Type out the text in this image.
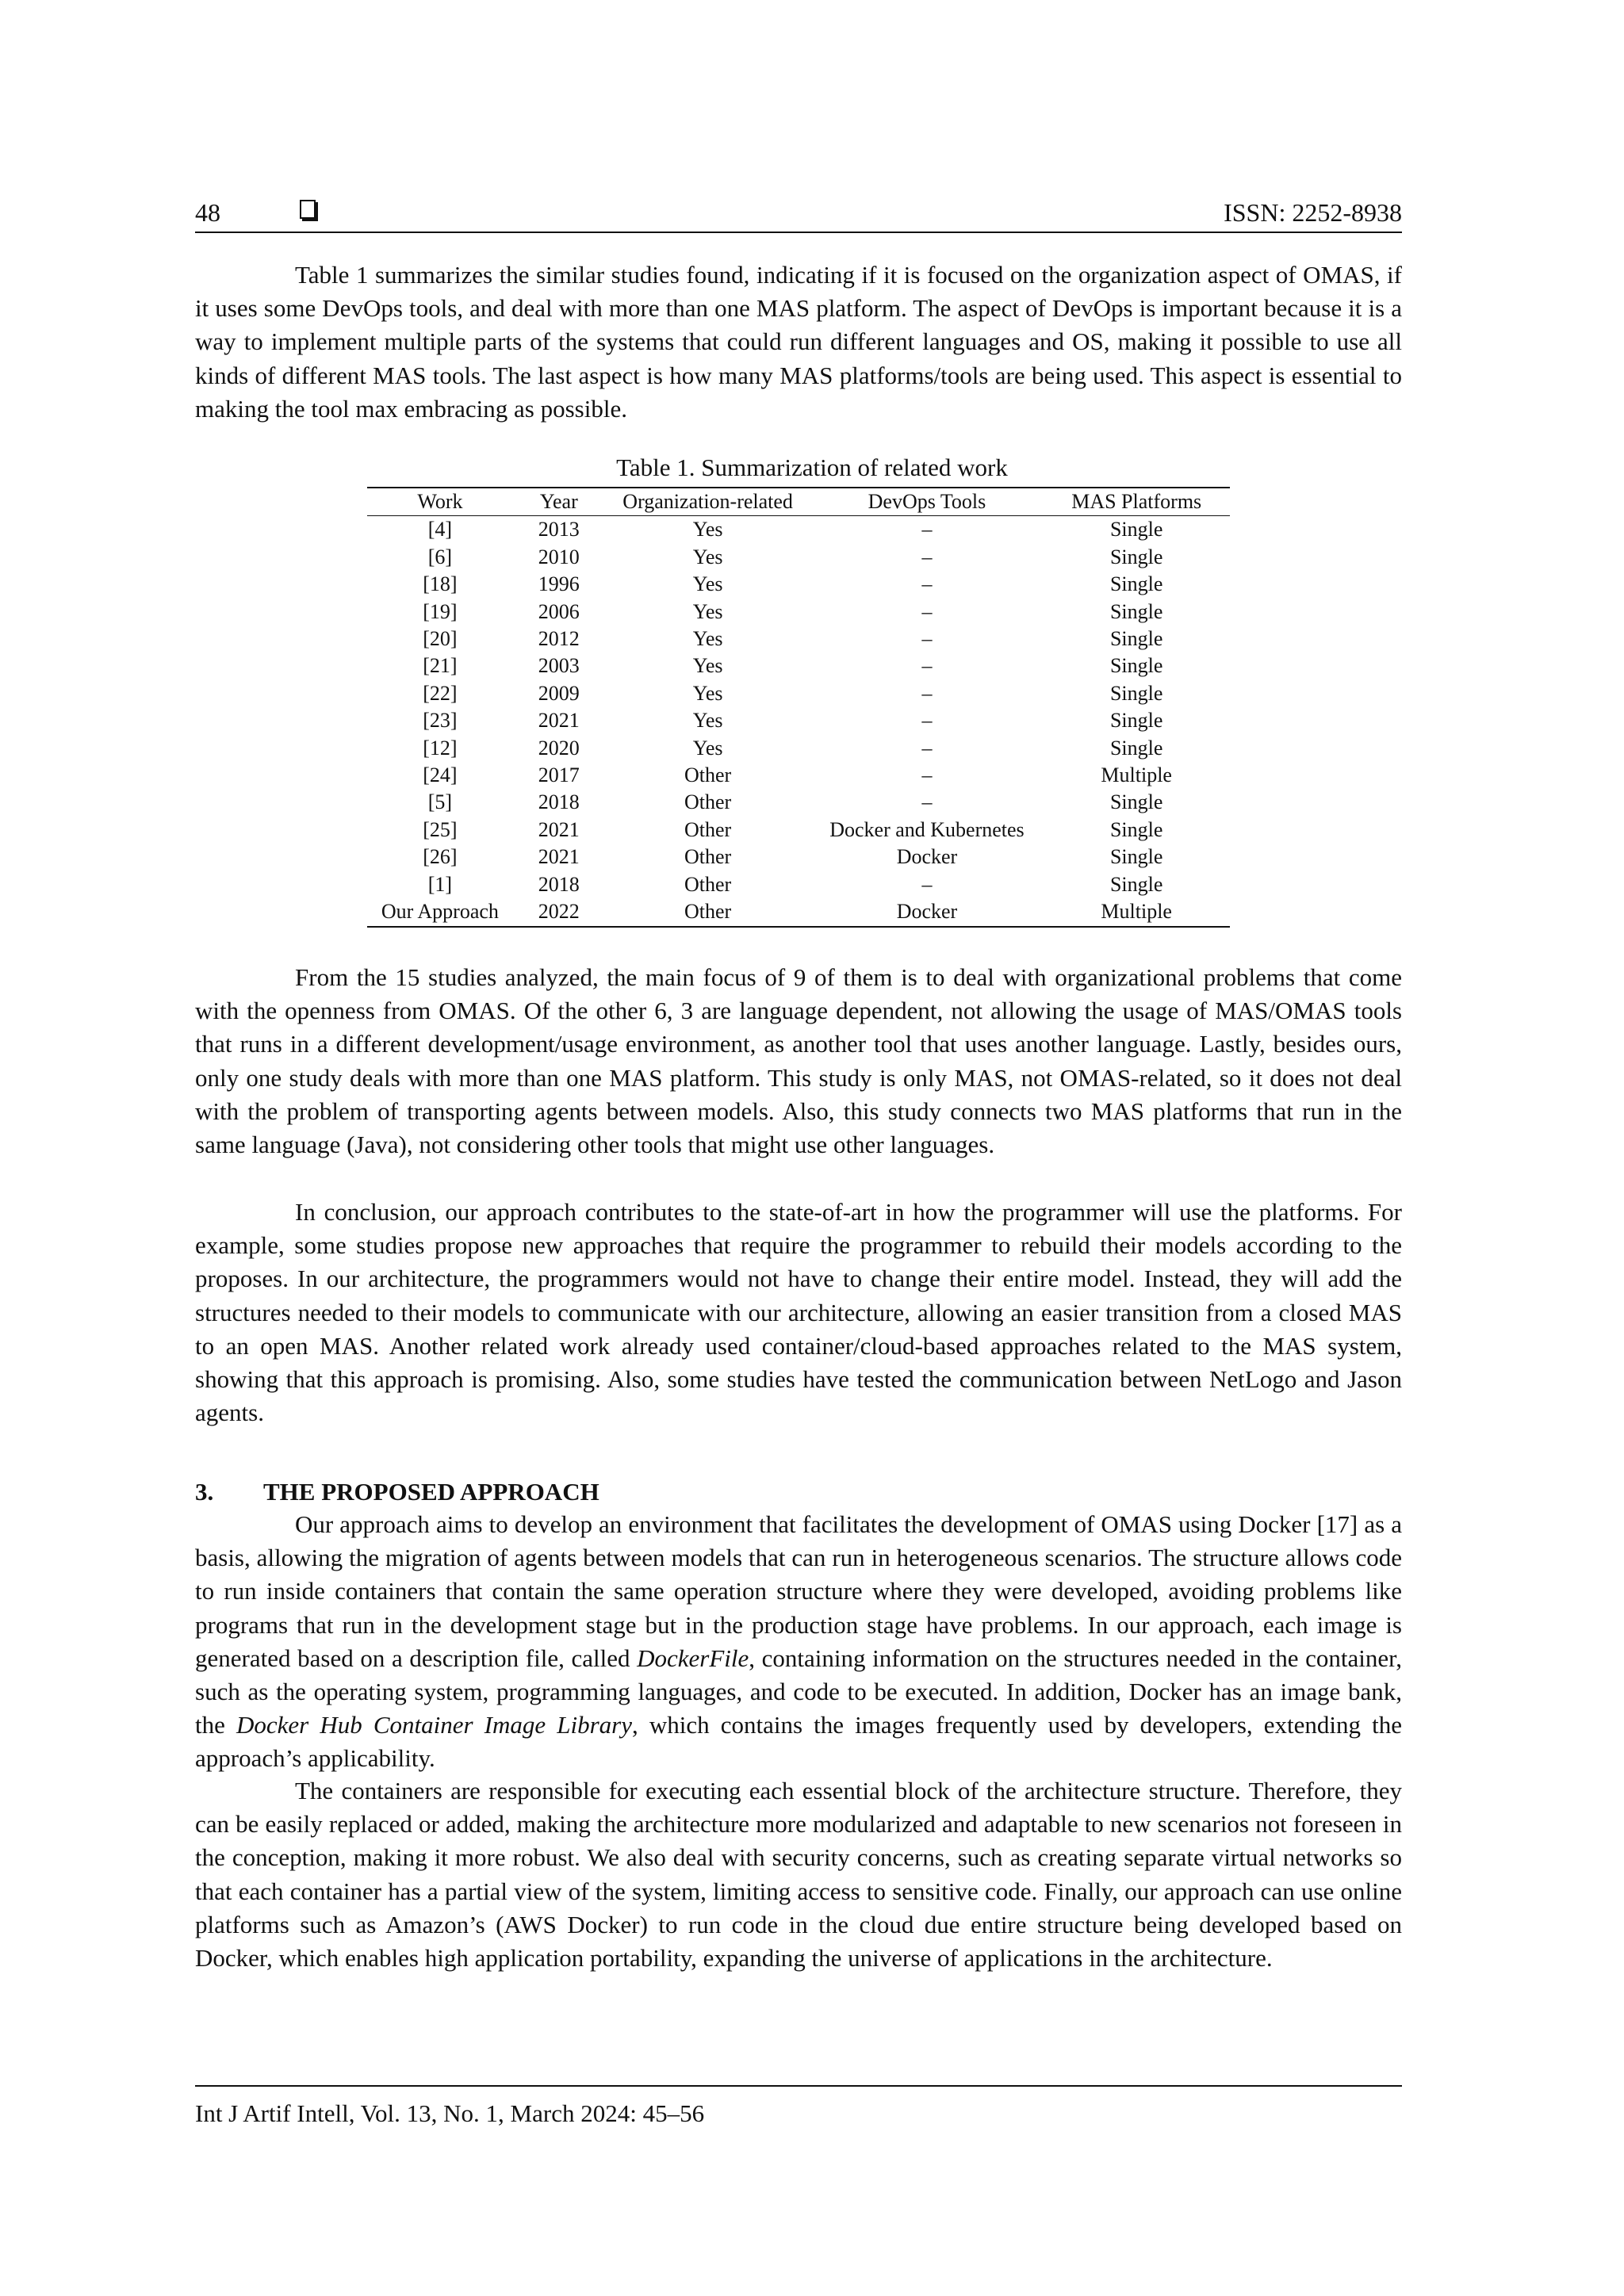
48	ISSN: 2252-8938

Table 1 summarizes the similar studies found, indicating if it is focused on the organization aspect of OMAS, if it uses some DevOps tools, and deal with more than one MAS platform. The aspect of DevOps is important because it is a way to implement multiple parts of the systems that could run different languages and OS, making it possible to use all kinds of different MAS tools. The last aspect is how many MAS platforms/tools are being used. This aspect is essential to making the tool max embracing as possible.

Table 1. Summarization of related work
Work	Year	Organization-related	DevOps Tools	MAS Platforms
[4]	2013	Yes	–	Single
[6]	2010	Yes	–	Single
[18]	1996	Yes	–	Single
[19]	2006	Yes	–	Single
[20]	2012	Yes	–	Single
[21]	2003	Yes	–	Single
[22]	2009	Yes	–	Single
[23]	2021	Yes	–	Single
[12]	2020	Yes	–	Single
[24]	2017	Other	–	Multiple
[5]	2018	Other	–	Single
[25]	2021	Other	Docker and Kubernetes	Single
[26]	2021	Other	Docker	Single
[1]	2018	Other	–	Single
Our Approach	2022	Other	Docker	Multiple

From the 15 studies analyzed, the main focus of 9 of them is to deal with organizational problems that come with the openness from OMAS. Of the other 6, 3 are language dependent, not allowing the usage of MAS/OMAS tools that runs in a different development/usage environment, as another tool that uses another language. Lastly, besides ours, only one study deals with more than one MAS platform. This study is only MAS, not OMAS-related, so it does not deal with the problem of transporting agents between models. Also, this study connects two MAS platforms that run in the same language (Java), not considering other tools that might use other languages.

In conclusion, our approach contributes to the state-of-art in how the programmer will use the platforms. For example, some studies propose new approaches that require the programmer to rebuild their models according to the proposes. In our architecture, the programmers would not have to change their entire model. Instead, they will add the structures needed to their models to communicate with our architecture, allowing an easier transition from a closed MAS to an open MAS. Another related work already used container/cloud-based approaches related to the MAS system, showing that this approach is promising. Also, some studies have tested the communication between NetLogo and Jason agents.

3. THE PROPOSED APPROACH

Our approach aims to develop an environment that facilitates the development of OMAS using Docker [17] as a basis, allowing the migration of agents between models that can run in heterogeneous scenarios. The structure allows code to run inside containers that contain the same operation structure where they were developed, avoiding problems like programs that run in the development stage but in the production stage have problems. In our approach, each image is generated based on a description file, called DockerFile, containing information on the structures needed in the container, such as the operating system, programming languages, and code to be executed. In addition, Docker has an image bank, the Docker Hub Container Image Library, which contains the images frequently used by developers, extending the approach’s applicability.

The containers are responsible for executing each essential block of the architecture structure. Therefore, they can be easily replaced or added, making the architecture more modularized and adaptable to new scenarios not foreseen in the conception, making it more robust. We also deal with security concerns, such as creating separate virtual networks so that each container has a partial view of the system, limiting access to sensitive code. Finally, our approach can use online platforms such as Amazon’s (AWS Docker) to run code in the cloud due entire structure being developed based on Docker, which enables high application portability, expanding the universe of applications in the architecture.

Int J Artif Intell, Vol. 13, No. 1, March 2024: 45–56
